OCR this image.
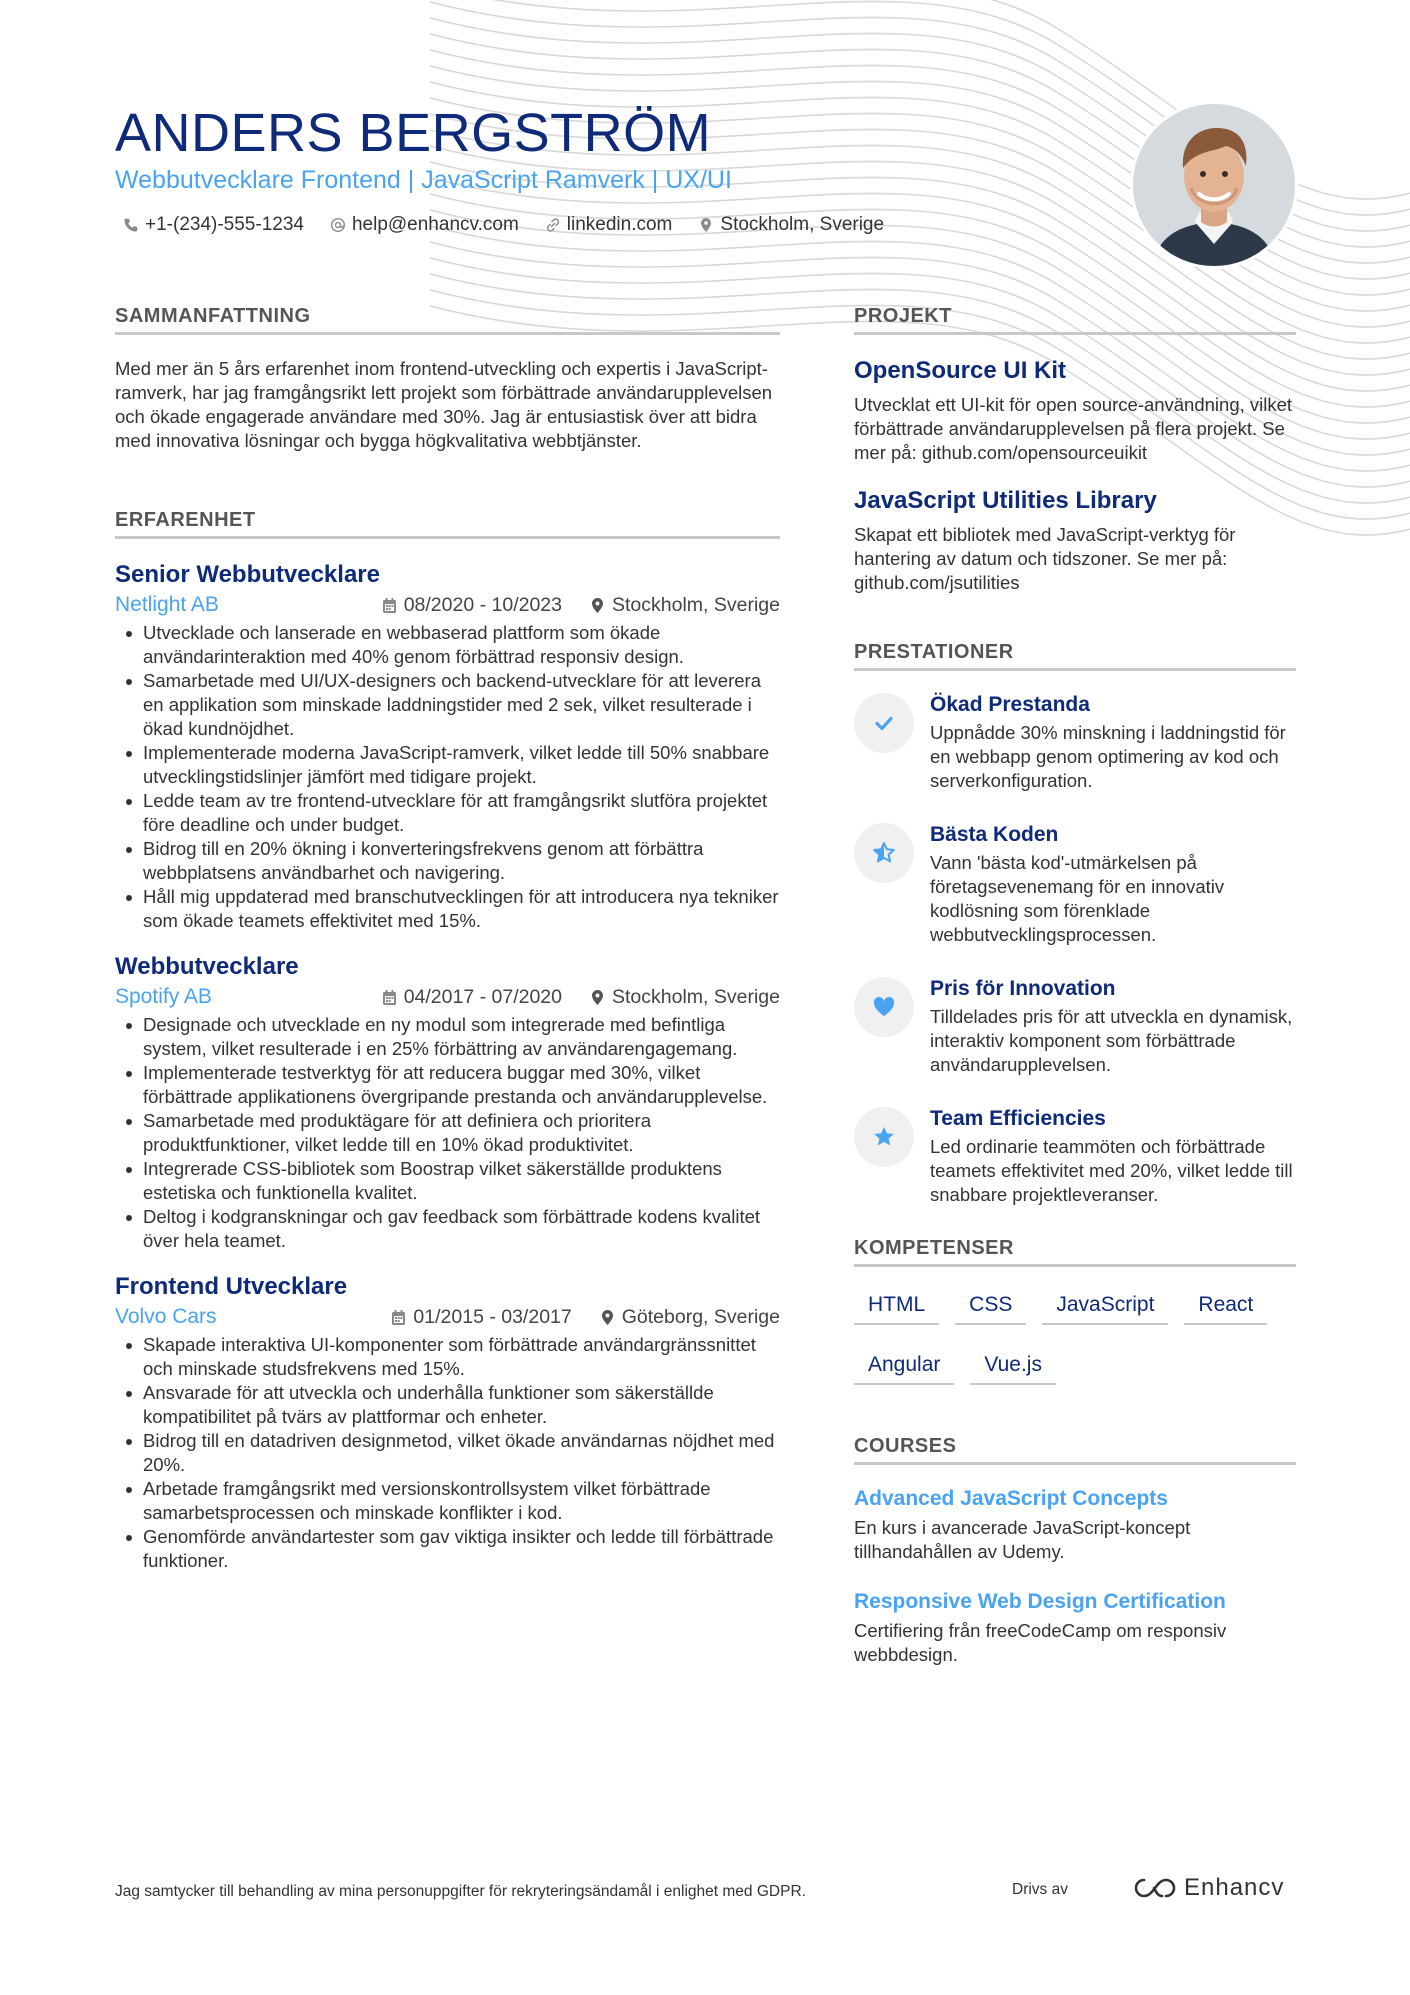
ANDERS BERGSTRÖM
Webbutvecklare Frontend | JavaScript Ramverk | UX/UI
+1-(234)-555-1234	help@enhancv.com	linkedin.com	Stockholm, Sverige
SAMMANFATTNING

Med mer än 5 års erfarenhet inom frontend-utveckling och expertis i JavaScript-ramverk, har jag framgångsrikt lett projekt som förbättrade användarupplevelsen och ökade engagerade användare med 30%. Jag är entusiastisk över att bidra med innovativa lösningar och bygga högkvalitativa webbtjänster.

ERFARENHET
Senior Webbutvecklare
Netlight AB	08/2020 - 10/2023	Stockholm, Sverige
Utvecklade och lanserade en webbaserad plattform som ökade användarinteraktion med 40% genom förbättrad responsiv design.
Samarbetade med UI/UX-designers och backend-utvecklare för att leverera en applikation som minskade laddningstider med 2 sek, vilket resulterade i ökad kundnöjdhet.
Implementerade moderna JavaScript-ramverk, vilket ledde till 50% snabbare utvecklingstidslinjer jämfört med tidigare projekt.
Ledde team av tre frontend-utvecklare för att framgångsrikt slutföra projektet före deadline och under budget.
Bidrog till en 20% ökning i konverteringsfrekvens genom att förbättra webbplatsens användbarhet och navigering.
Håll mig uppdaterad med branschutvecklingen för att introducera nya tekniker som ökade teamets effektivitet med 15%.
Webbutvecklare
Spotify AB	04/2017 - 07/2020	Stockholm, Sverige
Designade och utvecklade en ny modul som integrerade med befintliga system, vilket resulterade i en 25% förbättring av användarengagemang.
Implementerade testverktyg för att reducera buggar med 30%, vilket förbättrade applikationens övergripande prestanda och användarupplevelse.
Samarbetade med produktägare för att definiera och prioritera produktfunktioner, vilket ledde till en 10% ökad produktivitet.
Integrerade CSS-bibliotek som Boostrap vilket säkerställde produktens estetiska och funktionella kvalitet.
Deltog i kodgranskningar och gav feedback som förbättrade kodens kvalitet över hela teamet.
Frontend Utvecklare
Volvo Cars	01/2015 - 03/2017	Göteborg, Sverige
Skapade interaktiva UI-komponenter som förbättrade användargränssnittet och minskade studsfrekvens med 15%.
Ansvarade för att utveckla och underhålla funktioner som säkerställde kompatibilitet på tvärs av plattformar och enheter.
Bidrog till en datadriven designmetod, vilket ökade användarnas nöjdhet med 20%.
Arbetade framgångsrikt med versionskontrollsystem vilket förbättrade samarbetsprocessen och minskade konflikter i kod.
Genomförde användartester som gav viktiga insikter och ledde till förbättrade funktioner.
PROJEKT
OpenSource UI Kit

Utvecklat ett UI-kit för open source-användning, vilket förbättrade användarupplevelsen på flera projekt. Se mer på: github.com/opensourceuikit

JavaScript Utilities Library

Skapat ett bibliotek med JavaScript-verktyg för hantering av datum och tidszoner. Se mer på: github.com/jsutilities

PRESTATIONER
Ökad Prestanda

Uppnådde 30% minskning i laddningstid för en webbapp genom optimering av kod och serverkonfiguration.

Bästa Koden

Vann 'bästa kod'-utmärkelsen på företagsevenemang för en innovativ kodlösning som förenklade webbutvecklingsprocessen.

Pris för Innovation

Tilldelades pris för att utveckla en dynamisk, interaktiv komponent som förbättrade användarupplevelsen.

Team Efficiencies

Led ordinarie teammöten och förbättrade teamets effektivitet med 20%, vilket ledde till snabbare projektleveranser.

KOMPETENSER
HTML	CSS	JavaScript	React
Angular	Vue.js
COURSES
Advanced JavaScript Concepts

En kurs i avancerade JavaScript-koncept tillhandahållen av Udemy.

Responsive Web Design Certification

Certifiering från freeCodeCamp om responsiv webbdesign.

Jag samtycker till behandling av mina personuppgifter för rekryteringsändamål i enlighet med GDPR.	Drivs av	Enhancv
